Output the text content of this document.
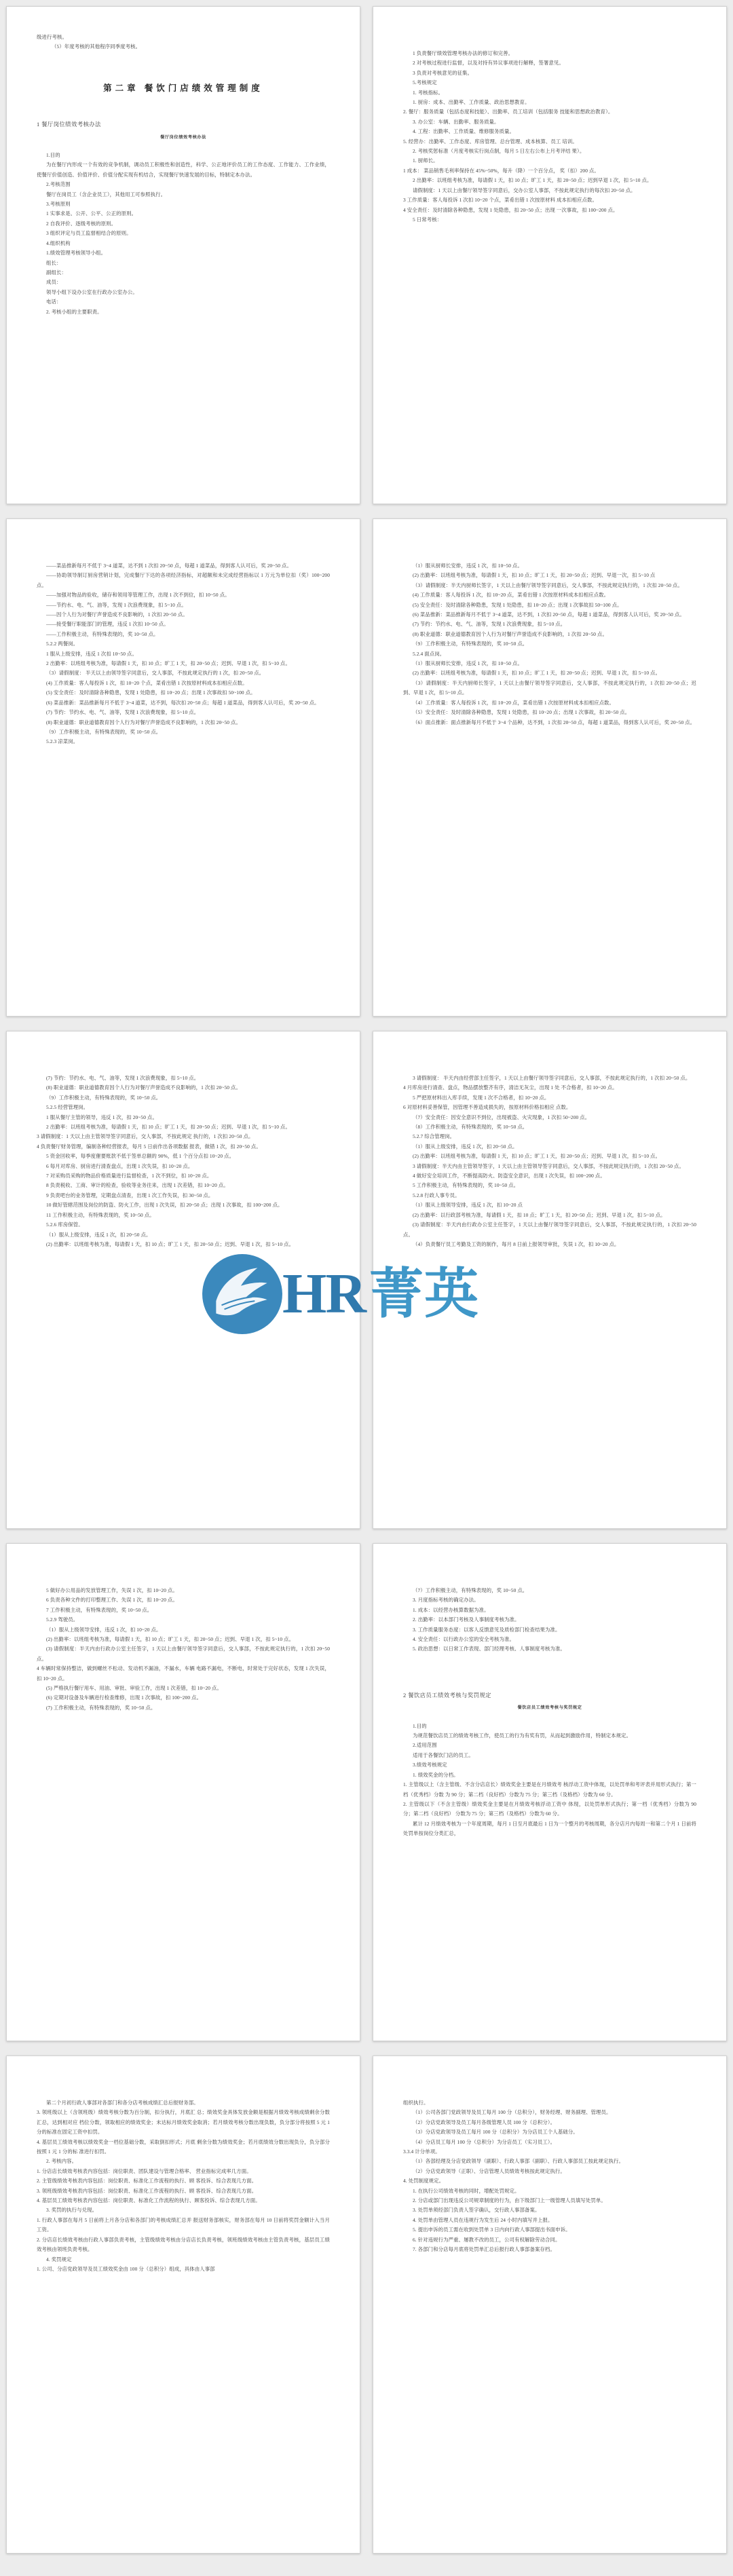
级进行考核。

（5）年度考核的其他程序同季度考核。

第二章 餐饮门店绩效管理制度

1 餐厅岗位绩效考核办法

餐厅岗位绩效考核办法

1.目的

为在餐厅内形成一个有效的竞争机制，调动员工积极性和创造性，科学、公正地评价员工的工作态度、工作能力、工作业绩，使餐厅价值创造、价值评价、价值分配实现有机结合，实现餐厅快速发展的目标，特制定本办法。

2.考核范围

餐厅在岗员工（含企业员工），其他用工可参照执行。

3.考核原则

1 实事求是、公开、公平、公正的原则。

2 自我评价、逐级考核的原则。

3 组织评定与员工监督相结合的原则。

4.组织机构

1.绩效管理考核领导小组。

组长：

副组长：

成员：

领导小组下设办公室在行政办公室办公。

电话：

2. 考核小组的主要职责。

1 负责餐厅绩效管理考核办法的修订和完善。

2 对考核过程进行监督，以及对持有异议事项进行解释，签署意见。

3 负责对考核意见的征集。

5.考核规定

1. 考核指标。

1. 厨房：成本、出勤率、工作质量、政治思想教育。

2. 餐厅：服务质量（包括态度和技能）、出勤率、员工培训（包括服务 技能和思想政治教育）。

3. 办公室：车辆、出勤率、服务质量。

4. 工程：出勤率、工作质量、维修服务质量。

5. 经营办：出勤率、工作态度、库房管理、总台管理、成本核算、员工 培训。

2. 考核奖惩标准（月度考核实行岗点制，每月 5 日左右公布上月考评结 果）。

1. 厨师长。

1 成本： 菜品销售毛利率保持在 45%~50%，每升（降）一个百分点， 奖（扣）200 点。

2 出勤率：以班组考核为准，每请假 1 天，扣 10 点；旷工 1 天，扣 20~50 点；迟到早退 1 次，扣 5~10 点。

请假制度：1 天以上由餐厅领导签字同意后，交办公室人事部，不按此规定执行的每次扣 20~50 点。

3 工作质量：客人每投诉 1 次扣 10~20 个点，菜肴出错 1 次按原材料 成本扣相应点数。

4 安全责任：及时清除各种隐患，发现 1 处隐患，扣 20~50 点；出现 一次事故，扣 100~200 点。

5 日常考核：

——菜品推新每月不低于 3~4 道菜，达不到 1 次扣 20~50 点，每超 1 道菜品，得到客人认可后，奖 20~50 点。

——协助领导制订厨房营销计划，完成餐厅下达的各项经济指标，对超额和未完成经营指标以 1 万元为单位扣（奖）100~200 点。

——加强对物品的验收，储存和领用等管理工作，出现 1 次不到位，扣 10~50 点。

——节约水、电、气、油等，发现 1 次浪费现象，扣 5~10 点。

——因个人行为对餐厅声誉造成不良影响的，1 次扣 20~50 点。

——接受餐厅职能部门的管理，违反 1 次扣 10~50 点。

——工作积极主动，有特殊表现的，奖 10~50 点。

5.2.2 两餐岗。

1 服从上级安排，违反 1 次扣 10~50 点。

2 出勤率：以班组考核为准，每请假 1 天，扣 10 点；旷工 1 天，扣 20~50 点；迟到、早退 1 次，扣 5~10 点。

（3）请假制度： 半天以上由领导签字同意后，交人事部，不按此规定执行的 1 次，扣 20~50 点。

(4) 工作质量：客人每投诉 1 次，扣 10~20 个点，菜肴出错 1 次按原材料成本扣相应点数。

(5) 安全责任：及时清除各种隐患，发现 1 处隐患，扣 10~20 点；出现 1 次事故扣 50~100 点。

(6) 菜品推新：菜品推新每月不低于 3~4 道菜，达不到，每次扣 20~50 点；每超 1 道菜品，得到客人认可后，奖 20~50 点。

(7) 节约：节约水、电、气、油等，发现 1 次浪费现象，扣 5~10 点。

(8) 职业道德：职业道德教育因个人行为对餐厅声誉造成不良影响的，1 次扣 20~50 点。

（9）工作积极主动，有特殊表现的，奖 10~50 点。

5.2.3 凉菜岗。

（1）服从厨师长安排，违反 1 次，扣 10~50 点。

(2) 出勤率：以班组考核为准，每请假 1 天，扣 10 点；旷工 1 天，扣 20~50 点；迟到、早退一次，扣 5~10 点

（3）请假制度：半天内厨师长签字，1 天以上由餐厅领导签字同意后，交人事部，不按此规定执行的，1 次扣 20~50 点。

(4) 工作质量：客人每投诉 1 次，扣 10~20 点，菜肴出错 1 次按原材料成本扣相应点数。

(5) 安全责任：及时清除各种隐患，发现 1 处隐患，扣 10~20 点；出现 1 次事故扣 50~100 点。

(6) 菜品推新：菜品推新每月不低于 3~4 道菜，达不到，1 次扣 20~50 点，每超 1 道菜品，得到客人认可后，奖 20~50 点。

(7) 节约：节约水、电、气、油等，发现 1 次浪费现象，扣 5~10 点。

(8) 职业道德：职业道德教育因个人行为对餐厅声誉造成不良影响的，1 次扣 20~50 点。

（9）工作积极主动，有特殊表现的，奖 10~50 点。

5.2.4 面点岗。

（1）服从厨师长安排，违反 1 次，扣 10~50 点。

(2) 出勤率：以班组考核为准，每请假 1 天，扣 10 点；旷工 1 天，扣 20~50 点；迟到、早退 1 次，扣 5~10 点。

（3）请假制度：半天内厨师长签字，1 天以上由餐厅领导签字同意后，交人事部，不按此规定执行的，1 次扣 20~50 点；迟到、早退 1 次，扣 5~10 点。

（4）工作质量：客人每投诉 1 次，扣 10~20 点，菜肴出错 1 次按原材料成本扣相应点数。

（5）安全责任：及时清除各种隐患，发现 1 处隐患，扣 10~20 点；出现 1 次事故，扣 20~50 点。

（6）面点推新：面点推新每月不低于 3~4 个品种，达不到，1 次扣 20~50 点，每超 1 道菜品，得到客人认可后，奖 20~50 点。

(7) 节约：节约水、电、气、油等，发现 1 次浪费现象，扣 5~10 点。

(8) 职业道德：职业道德教育因个人行为对餐厅声誉造成不良影响的，1 次扣 20~50 点。

（9）工作积极主动，有特殊表现的，奖 10~50 点。

5.2.5 经营管理岗。

1 服从餐厅主管的领导，违反 1 次，扣 20~50 点。

2 出勤率：以班组考核为准，每请假 1 天，扣 10 点；旷工 1 天，扣 20~50 点；迟到、早退 1 次，扣 5~10 点。

3 请假制度：1 天以上由主管领导签字同意后，交人事部，不按此规定 执行的，1 次扣 20~50 点。

4 负责餐厅财务管理，编制各种经营报表，每月 5 日前作出各项数据 报表，做错 1 次，扣 20~50 点。

5 资金回收率，每季度催要账款不低于签单总额的 90%，低 1 个百分点扣 10~20 点。

6 每月对库房、厨房进行清查盘点，出现 1 次失误，扣 10~20 点。

7 对采购员采购的物品价格质量进行监督检查，1 次不到位，扣 10~20 点。

8 负责税收、工商、审计的检查，验收等业务往来，出现 1 次差错，扣 10~20 点。

9 负责吧台的业务管理，定期盘点清查，出现 1 次工作失误，扣 30~50 点。

10 做好管辖范围及岗位的防盗、防火工作，出现 1 次失误，扣 20~50 点；出现 1 次事故，扣 100~200 点。

11 工作积极主动，有特殊表现的，奖 10~50 点。

5.2.6 库房保管。

（1）服从上级安排，违反 1 次，扣 20~50 点。

(2) 出勤率：以班组考核为准，每请假 1 天，扣 10 点；旷工 1 天，扣 20~50 点；迟到、早退 1 次，扣 5~10 点。

3 请假制度： 半天内由经营部主任签字，1 天以上由餐厅领导签字同意后，交人事部，不按此规定执行的，1 次扣 20~50 点。

4 月库房进行清查、盘点，物品摆放整齐有序，清洁无灰尘，出现 1 处 不合格者，扣 10~20 点。

5 严把原材料出入库手续，发现 1 次不合格者，扣 10~20 点。

6 对原材料妥善保管，因管理不善造成损失的，按原材料价格扣相应 点数。

（7）安全责任：因安全意识不到位，出现被盗、火灾现象，1 次扣 50~200 点。

（8）工作积极主动，有特殊表现的，奖 10~50 点。

5.2.7 综合管理岗。

（1）服从上级安排，违反 1 次，扣 20~50 点。

(2) 出勤率：以班组考核为准，每请假 1 天，扣 10 点；旷工 1 天，扣 20~50 点；迟到、早退 1 次，扣 5~10 点。

3 请假制度：半天内由主管领导签字，1 天以上由主管领导签字同意后，交人事部，不按此规定执行的，1 次扣 20~50 点。

4 做好安全培训工作，不断提高防火、防盗安全意识，出现 1 次失误，扣 100~200 点。

5 工作积极主动，有特殊表现的，奖 10~50 点。

5.2.8 行政人事专员。

（1）服从上级领导安排，违反 1 次，扣 10~20 点

(2) 出勤率：以行政部考核为准，每请假 1 天，扣 10 点；旷工 1 天，扣 20~50 点；迟到、早退 1 次，扣 5~10 点。

(3) 请假制度：半天内由行政办公室主任签字，1 天以上由餐厅领导签字同意后，交人事部，不按此规定执行的，1 次扣 20~50 点。

（4）负责餐厅员工考勤及工资的制作，每月 8 日前上报领导审批，失误 1 次，扣 10~20 点。

5 做好办公用品的发放管理工作，失误 1 次，扣 10~20 点。

6 负责各种文件的打印整理工作、失误 1 次，扣 10~20 点。

7 工作积极主动，有特殊表现的，奖 10~50 点。

5.2.9 驾驶员。

（1）服从上级领导安排，违反 1 次，扣 10~20 点。

(2) 出勤率：以班组考核为准，每请假 1 天，扣 10 点；旷工 1 天，扣 20~50 点；迟到、早退 1 次，扣 5~10 点。

(3) 请假制度：半天内由行政办公室主任签字，1 天以上由餐厅领导签字同意后，交人事部，不按此规定执行的，1 次扣 20~50 点。

4 车辆时常保持整洁，做到螺丝不松动、发动机不漏油，不漏水，车辆 电路不漏电，不断电，时常处于完好状态，发现 1 次失误，扣 10~20 点。

(5) 严格执行餐厅用车、用油、审批、审验工作，出现 1 次差错，扣 10~20 点。

(6) 定期对设备及车辆进行检查维修，出现 1 次事故，扣 100~200 点。

(7) 工作积极主动，有特殊表现的，奖 10~50 点。

（7）工作积极主动，有特殊表现的，奖 10~50 点。

3. 月度指标考核的确定办法。

1. 成本：以经营办核算数据为准。

2. 出勤率：以本部门考核及人事制度考核为准。

3. 工作质量服务态度：以客人反馈意见及质检部门检查结果为准。

4. 安全责任：以行政办公室的安全考核为准。

5. 政治思想：以日常工作表现、部门经理考核、人事制度考核为准。

2 餐饮店员工绩效考核与奖罚规定

餐饮店员工绩效考核与奖罚规定

1.目的

为规范餐饮店员工的绩效考核工作，使员工的行为有奖有罚，从而起到激励作用，特制定本规定。

2.适用范围

适用于各餐饮门店的员工。

3.绩效考核规定

1. 绩效奖金的分档。

1. 主管级以上（含主管级、不含分店店长）绩效奖金主要是在月绩效考 核浮动工资中体现，以处罚单和考评表并用形式执行；第一档（优秀档）分数 为 90 分；第二档（良好档）分数为 75 分；第三档（及格档）分数为 60 分。

2. 主管级以下（不含主管级）绩效奖金主要是在月绩效考核浮动工资中 体现，以处罚单形式执行；第一档（优秀档）分数为 90 分；第二档（良好档） 分数为 75 分；第三档（及格档）分数为 60 分。

累计 12 月绩效考核为一个年度周期，每月 1 日至月底最后 1 日为一个整月的考核周期，各分店月内每周一和第二个月 1 日前将处罚单按岗位分类汇总，

第二个月初行政人事部对各部门和各分店考核成绩汇总后报财务部。

3. 领班级以上（含领班级）绩效考核分数为百分制，扣分执行，月底汇 总；绩效奖金具体发放金额是根据月绩效考核成绩剩余分数汇总，达到相对应 档位分数，领取相应的绩效奖金；未达标月绩效奖金取消；若月绩效考核分数出现负数，负分部分将按照 5 元 1 分的标准在固定工资中扣罚。

4. 基层员工绩效考核以绩效奖金一档位基础分数，采取倒扣形式；月底 剩余分数为绩效奖金；若月底绩效分数出现负分，负分部分按照 1 元 1 分的标 准进行扣罚。

2. 考核内容。

1. 分店店长绩效考核表内容包括：岗位职责、团队建设与管理合格率、 营业指标完成率几方面。

2. 主管级绩效考核表内容包括：岗位职责、标准化工作流程的执行、顾 客投诉、综合表现几方面。

3. 领班级绩效考核表内容包括：岗位职责、标准化工作流程的执行、顾 客投诉、综合表现几方面。

4. 基层员工绩效考核表内容包括：岗位职责、标准化工作流程的执行、顾客投诉、综合表现几方面。

3. 奖罚的执行与兑现。

1. 行政人事部在每月 5 日前将上月各分店和各部门的考核成绩汇总并 报送财务部核实，财务部在每月 10 日前将奖罚金额计入当月工资。

2. 分店店长绩效考核由行政人事部负责考核，主管级绩效考核由分店店长负责考核，领班级绩效考核由主管负责考核，基层员工绩效考核由领班负责考核。

4. 奖罚规定

1. 公司、分店党政领导及员工绩效奖金由 100 分（总积分）组成，具体由人事部

组织执行。

（1）公司各部门党政领导及员工每月 100 分（总积分），财务经理、财务副理、管理员。

（2）分店党政领导及员工每月各级管理人员 100 分（总积分）。

（3）分店党政领导及员工每月 100 分（总积分）为分店员工个人基础分。

（4）分店员工每月 100 分（总积分）为分店员工（实习员工）。

3.3.4 计分单项。

（1）各部经理及分店党政领导（副职）、行政人事部（副职）、行政人事部员工按此规定执行。

（2）分店党政领导（正职）、分店管理人员绩效考核按此规定执行。

4. 处罚制度规定。

1. 在执行公司绩效考核的同时，增配处罚规定。

2. 分店或部门出现违反公司规章制度的行为，由下级部门上一级管理人员填写处罚单。

3. 处罚单须经部门负责人签字确认，交行政人事部备案。

4. 处罚单由管理人员在违规行为发生后 24 小时内填写并上报。

5. 提出申诉的员工需在收到处罚单 3 日内向行政人事部提出书面申诉。

6. 针对违规行为严重、屡教不改的员工，公司有权解除劳动合同。

7. 各部门和分店每月底将处罚单汇总后报行政人事部备案存档。

HR 菁英
